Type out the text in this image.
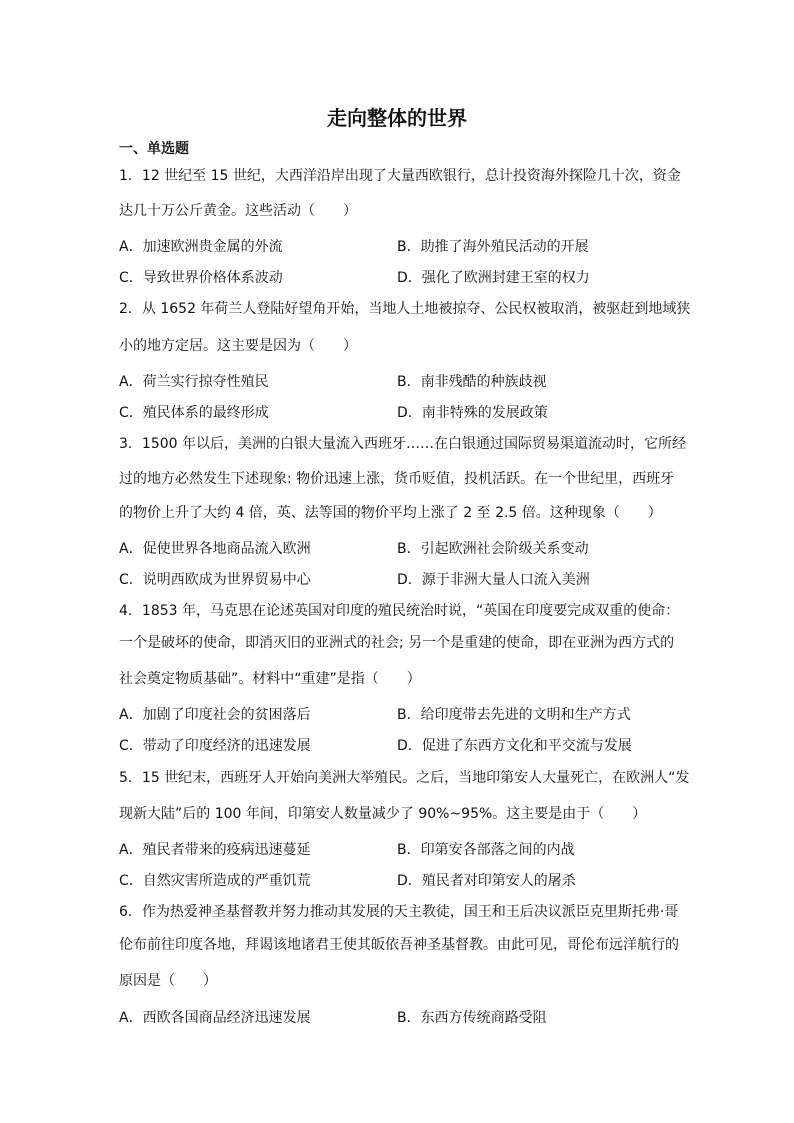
走向整体的世界
一、单选题
1．12 世纪至 15 世纪，大西洋沿岸出现了大量西欧银行，总计投资海外探险几十次，资金
达几十万公斤黄金。这些活动（　　）
A．加速欧洲贵金属的外流	B．助推了海外殖民活动的开展
C．导致世界价格体系波动	D．强化了欧洲封建王室的权力
2．从 1652 年荷兰人登陆好望角开始，当地人土地被掠夺、公民权被取消，被驱赶到地域狭
小的地方定居。这主要是因为（　　）
A．荷兰实行掠夺性殖民	B．南非残酷的种族歧视
C．殖民体系的最终形成	D．南非特殊的发展政策
3．1500 年以后，美洲的白银大量流入西班牙……在白银通过国际贸易渠道流动时，它所经
过的地方必然发生下述现象: 物价迅速上涨，货币贬值，投机活跃。在一个世纪里，西班牙
的物价上升了大约 4 倍，英、法等国的物价平均上涨了 2 至 2.5 倍。这种现象（　　）
A．促使世界各地商品流入欧洲	B．引起欧洲社会阶级关系变动
C．说明西欧成为世界贸易中心	D．源于非洲大量人口流入美洲
4．1853 年，马克思在论述英国对印度的殖民统治时说，“英国在印度要完成双重的使命：
一个是破坏的使命，即消灭旧的亚洲式的社会; 另一个是重建的使命，即在亚洲为西方式的
社会奠定物质基础”。材料中“重建”是指（　　）
A．加剧了印度社会的贫困落后	B．给印度带去先进的文明和生产方式
C．带动了印度经济的迅速发展	D．促进了东西方文化和平交流与发展
5．15 世纪末，西班牙人开始向美洲大举殖民。之后，当地印第安人大量死亡，在欧洲人“发
现新大陆”后的 100 年间，印第安人数量减少了 90%~95%。这主要是由于（　　）
A．殖民者带来的疫病迅速蔓延	B．印第安各部落之间的内战
C．自然灾害所造成的严重饥荒	D．殖民者对印第安人的屠杀
6．作为热爱神圣基督教并努力推动其发展的天主教徒，国王和王后决议派臣克里斯托弗·哥
伦布前往印度各地，拜谒该地诸君王使其皈依吾神圣基督教。由此可见，哥伦布远洋航行的
原因是（　　）
A．西欧各国商品经济迅速发展	B．东西方传统商路受阻
